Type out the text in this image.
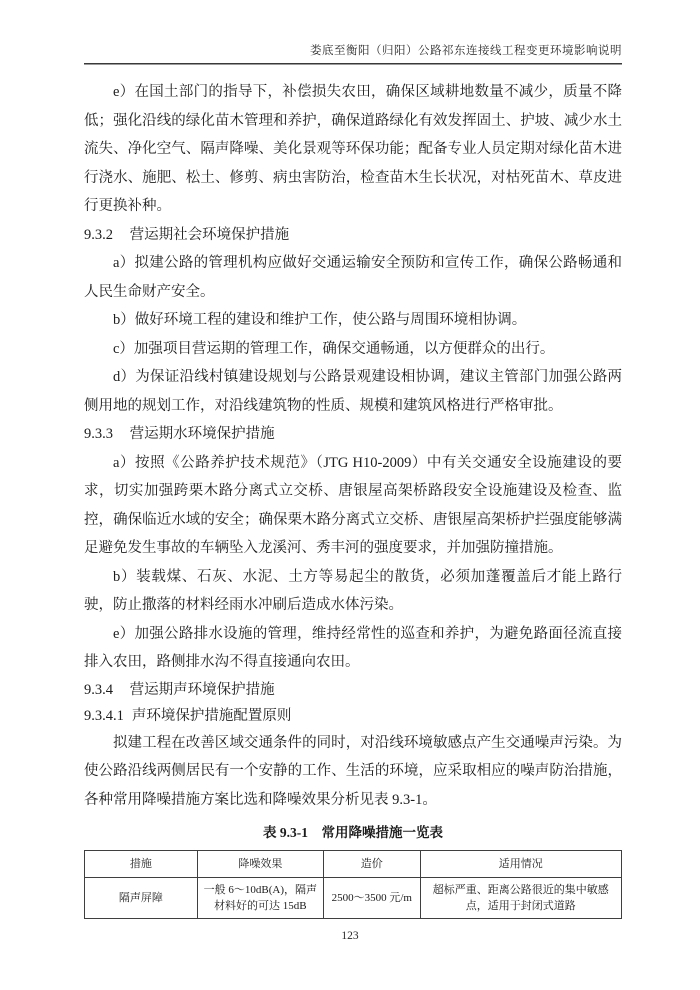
娄底至衡阳（归阳）公路祁东连接线工程变更环境影响说明

e）在国土部门的指导下，补偿损失农田，确保区域耕地数量不减少，质量不降低；强化沿线的绿化苗木管理和养护，确保道路绿化有效发挥固土、护坡、减少水土流失、净化空气、隔声降噪、美化景观等环保功能；配备专业人员定期对绿化苗木进行浇水、施肥、松土、修剪、病虫害防治，检查苗木生长状况，对枯死苗木、草皮进行更换补种。

9.3.2 营运期社会环境保护措施

a）拟建公路的管理机构应做好交通运输安全预防和宣传工作，确保公路畅通和人民生命财产安全。

b）做好环境工程的建设和维护工作，使公路与周围环境相协调。

c）加强项目营运期的管理工作，确保交通畅通，以方便群众的出行。

d）为保证沿线村镇建设规划与公路景观建设相协调，建议主管部门加强公路两侧用地的规划工作，对沿线建筑物的性质、规模和建筑风格进行严格审批。

9.3.3 营运期水环境保护措施

a）按照《公路养护技术规范》（JTG H10-2009）中有关交通安全设施建设的要求，切实加强跨栗木路分离式立交桥、唐银屋高架桥路段安全设施建设及检查、监控，确保临近水域的安全；确保栗木路分离式立交桥、唐银屋高架桥护拦强度能够满足避免发生事故的车辆坠入龙溪河、秀丰河的强度要求，并加强防撞措施。

b）装载煤、石灰、水泥、土方等易起尘的散货，必须加蓬覆盖后才能上路行驶，防止撒落的材料经雨水冲刷后造成水体污染。

e）加强公路排水设施的管理，维持经常性的巡查和养护，为避免路面径流直接排入农田，路侧排水沟不得直接通向农田。

9.3.4 营运期声环境保护措施

9.3.4.1 声环境保护措施配置原则

拟建工程在改善区域交通条件的同时，对沿线环境敏感点产生交通噪声污染。为使公路沿线两侧居民有一个安静的工作、生活的环境，应采取相应的噪声防治措施，各种常用降噪措施方案比选和降噪效果分析见表 9.3-1。

表 9.3-1 常用降噪措施一览表
措施	降噪效果	造价	适用情况
隔声屏障	一般 6～10dB(A)，隔声材料好的可达 15dB	2500～3500 元/m	超标严重、距离公路很近的集中敏感点，适用于封闭式道路
123
